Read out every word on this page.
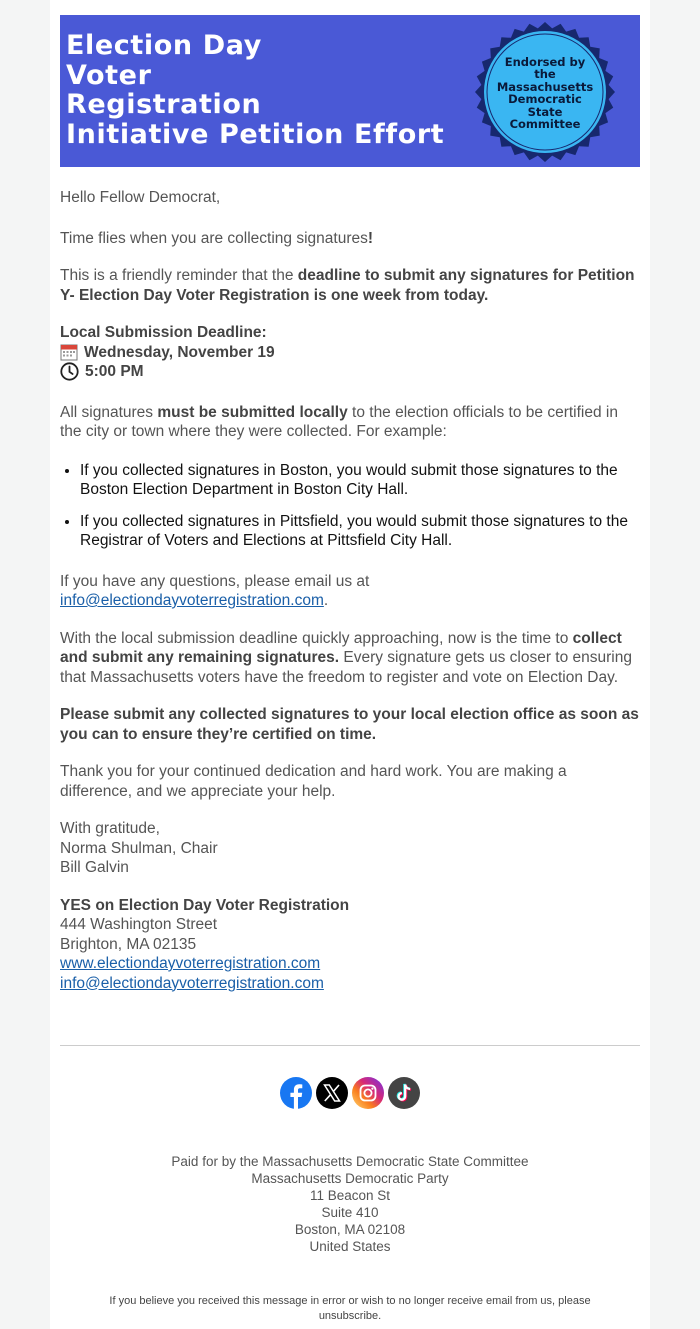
Election Day
Voter
Registration
Initiative Petition Effort
Endorsed by
the
Massachusetts
Democratic
State
Committee

Hello Fellow Democrat,

Time flies when you are collecting signatures!

This is a friendly reminder that the deadline to submit any signatures for Petition Y- Election Day Voter Registration is one week from today.

Local Submission Deadline:

Wednesday, November 19

5:00 PM

All signatures must be submitted locally to the election officials to be certified in the city or town where they were collected. For example:

• If you collected signatures in Boston, you would submit those signatures to the Boston Election Department in Boston City Hall.
• If you collected signatures in Pittsfield, you would submit those signatures to the Registrar of Voters and Elections at Pittsfield City Hall.

If you have any questions, please email us at
info@electiondayvoterregistration.com.

With the local submission deadline quickly approaching, now is the time to collect and submit any remaining signatures. Every signature gets us closer to ensuring that Massachusetts voters have the freedom to register and vote on Election Day.

Please submit any collected signatures to your local election office as soon as you can to ensure they’re certified on time.

Thank you for your continued dedication and hard work. You are making a difference, and we appreciate your help.

With gratitude,

Norma Shulman, Chair

Bill Galvin

YES on Election Day Voter Registration

444 Washington Street

Brighton, MA 02135

www.electiondayvoterregistration.com

info@electiondayvoterregistration.com

Paid for by the Massachusetts Democratic State Committee

Massachusetts Democratic Party

11 Beacon St

Suite 410

Boston, MA 02108

United States

If you believe you received this message in error or wish to no longer receive email from us, please unsubscribe.
